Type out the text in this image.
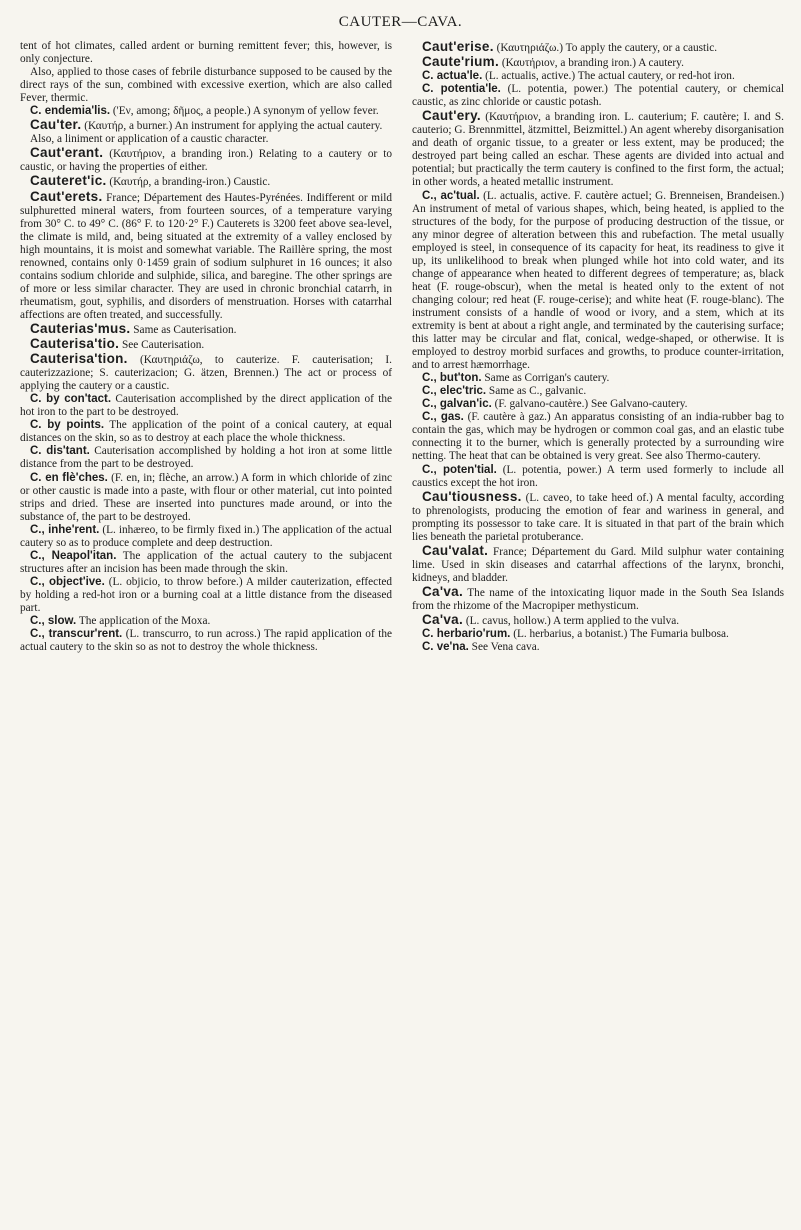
CAUTER—CAVA.

tent of hot climates, called ardent or burning remittent fever; this, however, is only conjecture.

Also, applied to those cases of febrile disturbance supposed to be caused by the direct rays of the sun, combined with excessive exertion, which are also called Fever, thermic.

C. endemia'lis. ('Εν, among; δῆμος, a people.) A synonym of yellow fever.

Cau'ter. (Καυτήρ, a burner.) An instrument for applying the actual cautery.

Also, a liniment or application of a caustic character.

Caut'erant. (Καυτήριον, a branding iron.) Relating to a cautery or to caustic, or having the properties of either.

Cauteret'ic. (Καυτήρ, a branding-iron.) Caustic.

Caut'erets. France; Département des Hautes-Pyrénées. Indifferent or mild sulphuretted mineral waters, from fourteen sources, of a temperature varying from 30° C. to 49° C. (86° F. to 120·2° F.) Cauterets is 3200 feet above sea-level, the climate is mild, and, being situated at the extremity of a valley enclosed by high mountains, it is moist and somewhat variable. The Raillère spring, the most renowned, contains only 0·1459 grain of sodium sulphuret in 16 ounces; it also contains sodium chloride and sulphide, silica, and baregine. The other springs are of more or less similar character. They are used in chronic bronchial catarrh, in rheumatism, gout, syphilis, and disorders of menstruation. Horses with catarrhal affections are often treated, and successfully.

Cauterias'mus. Same as Cauterisation.

Cauterisa'tio. See Cauterisation.

Cauterisa'tion. (Καυτηριάζω, to cauterize. F. cauterisation; I. cauterizzazione; S. cauterizacion; G. ätzen, Brennen.) The act or process of applying the cautery or a caustic.

C. by con'tact. Cauterisation accomplished by the direct application of the hot iron to the part to be destroyed.

C. by points. The application of the point of a conical cautery, at equal distances on the skin, so as to destroy at each place the whole thickness.

C. dis'tant. Cauterisation accomplished by holding a hot iron at some little distance from the part to be destroyed.

C. en flè'ches. (F. en, in; flèche, an arrow.) A form in which chloride of zinc or other caustic is made into a paste, with flour or other material, cut into pointed strips and dried. These are inserted into punctures made around, or into the substance of, the part to be destroyed.

C., inhe'rent. (L. inhæreo, to be firmly fixed in.) The application of the actual cautery so as to produce complete and deep destruction.

C., Neapol'itan. The application of the actual cautery to the subjacent structures after an incision has been made through the skin.

C., object'ive. (L. objicio, to throw before.) A milder cauterization, effected by holding a red-hot iron or a burning coal at a little distance from the diseased part.

C., slow. The application of the Moxa.

C., transcur'rent. (L. transcurro, to run across.) The rapid application of the actual cautery to the skin so as not to destroy the whole thickness.

Caut'erise. (Καυτηριάζω.) To apply the cautery, or a caustic.

Caute'rium. (Καυτήριον, a branding iron.) A cautery.

C. actua'le. (L. actualis, active.) The actual cautery, or red-hot iron.

C. potentia'le. (L. potentia, power.) The potential cautery, or chemical caustic, as zinc chloride or caustic potash.

Caut'ery. (Καυτήριον, a branding iron. L. cauterium; F. cautère; I. and S. cauterio; G. Brennmittel, ätzmittel, Beizmittel.) An agent whereby disorganisation and death of organic tissue, to a greater or less extent, may be produced; the destroyed part being called an eschar. These agents are divided into actual and potential; but practically the term cautery is confined to the first form, the actual; in other words, a heated metallic instrument.

C., ac'tual. (L. actualis, active. F. cautère actuel; G. Brenneisen, Brandeisen.) An instrument of metal of various shapes, which, being heated, is applied to the structures of the body, for the purpose of producing destruction of the tissue, or any minor degree of alteration between this and rubefaction. The metal usually employed is steel, in consequence of its capacity for heat, its readiness to give it up, its unlikelihood to break when plunged while hot into cold water, and its change of appearance when heated to different degrees of temperature; as, black heat (F. rouge-obscur), when the metal is heated only to the extent of not changing colour; red heat (F. rouge-cerise); and white heat (F. rouge-blanc). The instrument consists of a handle of wood or ivory, and a stem, which at its extremity is bent at about a right angle, and terminated by the cauterising surface; this latter may be circular and flat, conical, wedge-shaped, or otherwise. It is employed to destroy morbid surfaces and growths, to produce counter-irritation, and to arrest hæmorrhage.

C., but'ton. Same as Corrigan's cautery.

C., elec'tric. Same as C., galvanic.

C., galvan'ic. (F. galvano-cautère.) See Galvano-cautery.

C., gas. (F. cautère à gaz.) An apparatus consisting of an india-rubber bag to contain the gas, which may be hydrogen or common coal gas, and an elastic tube connecting it to the burner, which is generally protected by a surrounding wire netting. The heat that can be obtained is very great. See also Thermo-cautery.

C., poten'tial. (L. potentia, power.) A term used formerly to include all caustics except the hot iron.

Cau'tiousness. (L. caveo, to take heed of.) A mental faculty, according to phrenologists, producing the emotion of fear and wariness in general, and prompting its possessor to take care. It is situated in that part of the brain which lies beneath the parietal protuberance.

Cau'valat. France; Département du Gard. Mild sulphur water containing lime. Used in skin diseases and catarrhal affections of the larynx, bronchi, kidneys, and bladder.

Ca'va. The name of the intoxicating liquor made in the South Sea Islands from the rhizome of the Macropiper methysticum.

Ca'va. (L. cavus, hollow.) A term applied to the vulva.

C. herbario'rum. (L. herbarius, a botanist.) The Fumaria bulbosa.

C. ve'na. See Vena cava.
